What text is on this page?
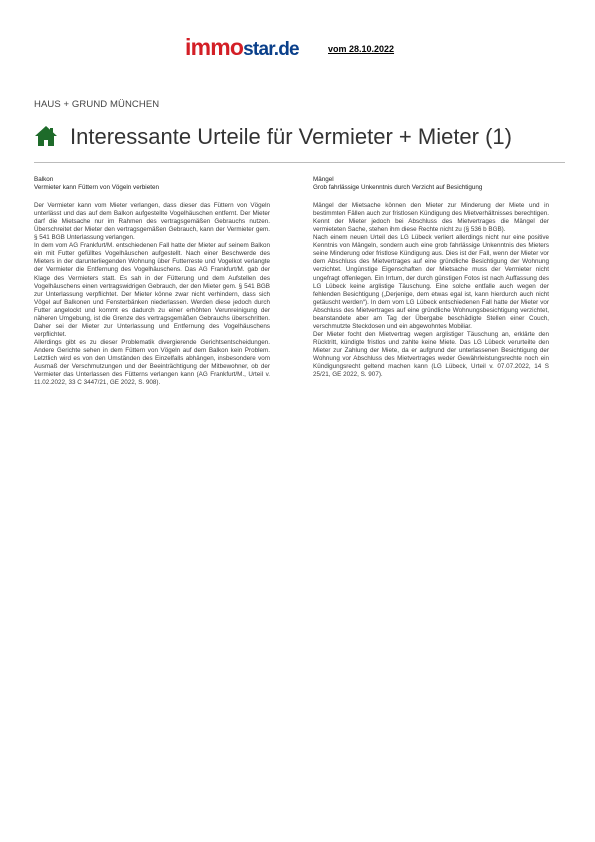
immostar.de	vom 28.10.2022
HAUS + GRUND MÜNCHEN
Interessante Urteile für Vermieter + Mieter (1)
Balkon
Vermieter kann Füttern von Vögeln verbieten

Der Vermieter kann vom Mieter verlangen, dass dieser das Füttern von Vögeln unterlässt und das auf dem Balkon aufgestellte Vogelhäuschen entfernt. Der Mieter darf die Mietsache nur im Rahmen des vertragsgemäßen Gebrauchs nutzen. Überschreitet der Mieter den vertragsgemäßen Gebrauch, kann der Vermieter gem. § 541 BGB Unterlassung verlangen.

In dem vom AG Frankfurt/M. entschiedenen Fall hatte der Mieter auf seinem Balkon ein mit Futter gefülltes Vogelhäuschen aufgestellt. Nach einer Beschwerde des Mieters in der darunterliegenden Wohnung über Futterreste und Vogelkot verlangte der Vermieter die Entfernung des Vogelhäuschens. Das AG Frankfurt/M. gab der Klage des Vermieters statt. Es sah in der Fütterung und dem Aufstellen des Vogelhäuschens einen vertragswidrigen Gebrauch, der den Mieter gem. § 541 BGB zur Unterlassung verpflichtet. Der Mieter könne zwar nicht verhindern, dass sich Vögel auf Balkonen und Fensterbänken niederlassen. Werden diese jedoch durch Futter angelockt und kommt es dadurch zu einer erhöhten Verunreinigung der näheren Umgebung, ist die Grenze des vertragsgemäßen Gebrauchs überschritten. Daher sei der Mieter zur Unterlassung und Entfernung des Vogelhäuschens verpflichtet.

Allerdings gibt es zu dieser Problematik divergierende Gerichtsentscheidungen. Andere Gerichte sehen in dem Füttern von Vögeln auf dem Balkon kein Problem. Letztlich wird es von den Umständen des Einzelfalls abhängen, insbesondere vom Ausmaß der Verschmutzungen und der Beeinträchtigung der Mitbewohner, ob der Vermieter das Unterlassen des Fütterns verlangen kann (AG Frankfurt/M., Urteil v. 11.02.2022, 33 C 3447/21, GE 2022, S. 908).

Mängel
Grob fahrlässige Unkenntnis durch Verzicht auf Besichtigung

Mängel der Mietsache können den Mieter zur Minderung der Miete und in bestimmten Fällen auch zur fristlosen Kündigung des Mietverhältnisses berechtigen. Kennt der Mieter jedoch bei Abschluss des Mietvertrages die Mängel der vermieteten Sache, stehen ihm diese Rechte nicht zu (§ 536 b BGB).

Nach einem neuen Urteil des LG Lübeck verliert allerdings nicht nur eine positive Kenntnis von Mängeln, sondern auch eine grob fahrlässige Unkenntnis des Mieters seine Minderung oder fristlose Kündigung aus. Dies ist der Fall, wenn der Mieter vor dem Abschluss des Mietvertrages auf eine gründliche Besichtigung der Wohnung verzichtet. Ungünstige Eigenschaften der Mietsache muss der Vermieter nicht ungefragt offenlegen. Ein Irrtum, der durch günstigen Fotos ist nach Auffassung des LG Lübeck keine arglistige Täuschung. Eine solche entfalle auch wegen der fehlenden Besichtigung („Derjenige, dem etwas egal ist, kann hierdurch auch nicht getäuscht werden“). In dem vom LG Lübeck entschiedenen Fall hatte der Mieter vor Abschluss des Mietvertrages auf eine gründliche Wohnungsbesichtigung verzichtet, beanstandete aber am Tag der Übergabe beschädigte Stellen einer Couch, verschmutzte Steckdosen und ein abgewohntes Mobiliar.

Der Mieter focht den Mietvertrag wegen arglistiger Täuschung an, erklärte den Rücktritt, kündigte fristlos und zahlte keine Miete. Das LG Lübeck verurteilte den Mieter zur Zahlung der Miete, da er aufgrund der unterlassenen Besichtigung der Wohnung vor Abschluss des Mietvertrages weder Gewährleistungsrechte noch ein Kündigungsrecht geltend machen kann (LG Lübeck, Urteil v. 07.07.2022, 14 S 25/21, GE 2022, S. 907).
